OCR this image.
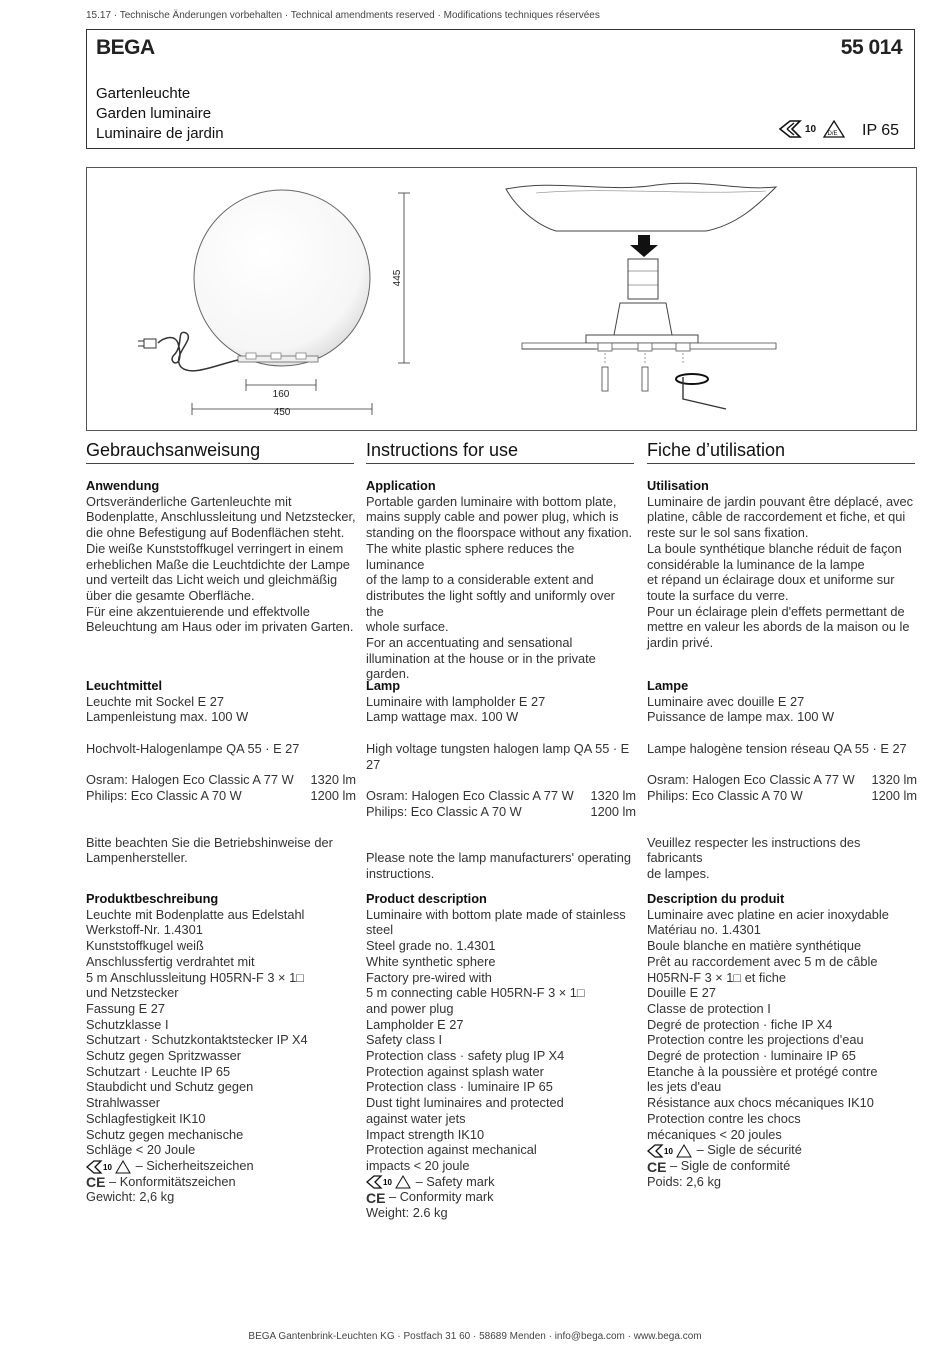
15.17 · Technische Änderungen vorbehalten · Technical amendments reserved · Modifications techniques réservées
BEGA	55 014
Gartenleuchte
Garden luminaire
Luminaire de jardin	10 D/E IP 65
445
160
450
Gebrauchsanweisung	Instructions for use	Fiche d’utilisation
Anwendung

Ortsveränderliche Gartenleuchte mit

Bodenplatte, Anschlussleitung und Netzstecker,

die ohne Befestigung auf Bodenflächen steht.

Die weiße Kunststoffkugel verringert in einem

erheblichen Maße die Leuchtdichte der Lampe

und verteilt das Licht weich und gleichmäßig

über die gesamte Oberfläche.

Für eine akzentuierende und effektvolle

Beleuchtung am Haus oder im privaten Garten.

Leuchtmittel

Leuchte mit Sockel E 27

Lampenleistung max. 100 W

Hochvolt-Halogenlampe QA 55 · E 27

Osram: Halogen Eco Classic A 77 W 1320 lm
Philips: Eco Classic A 70 W	1200 lm

Bitte beachten Sie die Betriebshinweise der

Lampenhersteller.

Produktbeschreibung

Leuchte mit Bodenplatte aus Edelstahl

Werkstoff-Nr. 1.4301

Kunststoffkugel weiß

Anschlussfertig verdrahtet mit

5 m Anschlussleitung H05RN-F 3 × 1□

und Netzstecker

Fassung E 27

Schutzklasse I

Schutzart · Schutzkontaktstecker IP X4

Schutz gegen Spritzwasser

Schutzart · Leuchte IP 65

Staubdicht und Schutz gegen

Strahlwasser

Schlagfestigkeit IK10

Schutz gegen mechanische

Schläge < 20 Joule

10 – Sicherheitszeichen

CE – Konformitätszeichen

Gewicht: 2,6 kg

Application

Portable garden luminaire with bottom plate,

mains supply cable and power plug, which is

standing on the floorspace without any fixation.

The white plastic sphere reduces the luminance

of the lamp to a considerable extent and

distributes the light softly and uniformly over the

whole surface.

For an accentuating and sensational

illumination at the house or in the private

garden.

Lamp

Luminaire with lampholder E 27

Lamp wattage max. 100 W

High voltage tungsten halogen lamp QA 55 · E 27

Osram: Halogen Eco Classic A 77 W 1320 lm
Philips: Eco Classic A 70 W	1200 lm

Please note the lamp manufacturers' operating

instructions.

Product description

Luminaire with bottom plate made of stainless

steel

Steel grade no. 1.4301

White synthetic sphere

Factory pre-wired with

5 m connecting cable H05RN-F 3 × 1□

and power plug

Lampholder E 27

Safety class I

Protection class · safety plug IP X4

Protection against splash water

Protection class · luminaire IP 65

Dust tight luminaires and protected

against water jets

Impact strength IK10

Protection against mechanical

impacts < 20 joule

10 – Safety mark

CE – Conformity mark

Weight: 2.6 kg

Utilisation

Luminaire de jardin pouvant être déplacé, avec

platine, câble de raccordement et fiche, et qui

reste sur le sol sans fixation.

La boule synthétique blanche réduit de façon

considérable la luminance de la lampe

et répand un éclairage doux et uniforme sur

toute la surface du verre.

Pour un éclairage plein d'effets permettant de

mettre en valeur les abords de la maison ou le

jardin privé.

Lampe

Luminaire avec douille E 27

Puissance de lampe max. 100 W

Lampe halogène tension réseau QA 55 · E 27

Osram: Halogen Eco Classic A 77 W 1320 lm
Philips: Eco Classic A 70 W	1200 lm

Veuillez respecter les instructions des fabricants

de lampes.

Description du produit

Luminaire avec platine en acier inoxydable

Matériau no. 1.4301

Boule blanche en matière synthétique

Prêt au raccordement avec 5 m de câble

H05RN-F 3 × 1□ et fiche

Douille E 27

Classe de protection I

Degré de protection · fiche IP X4

Protection contre les projections d'eau

Degré de protection · luminaire IP 65

Etanche à la poussière et protégé contre

les jets d'eau

Résistance aux chocs mécaniques IK10

Protection contre les chocs

mécaniques < 20 joules

10 – Sigle de sécurité

CE – Sigle de conformité

Poids: 2,6 kg

BEGA Gantenbrink-Leuchten KG · Postfach 31 60 · 58689 Menden · info@bega.com · www.bega.com
